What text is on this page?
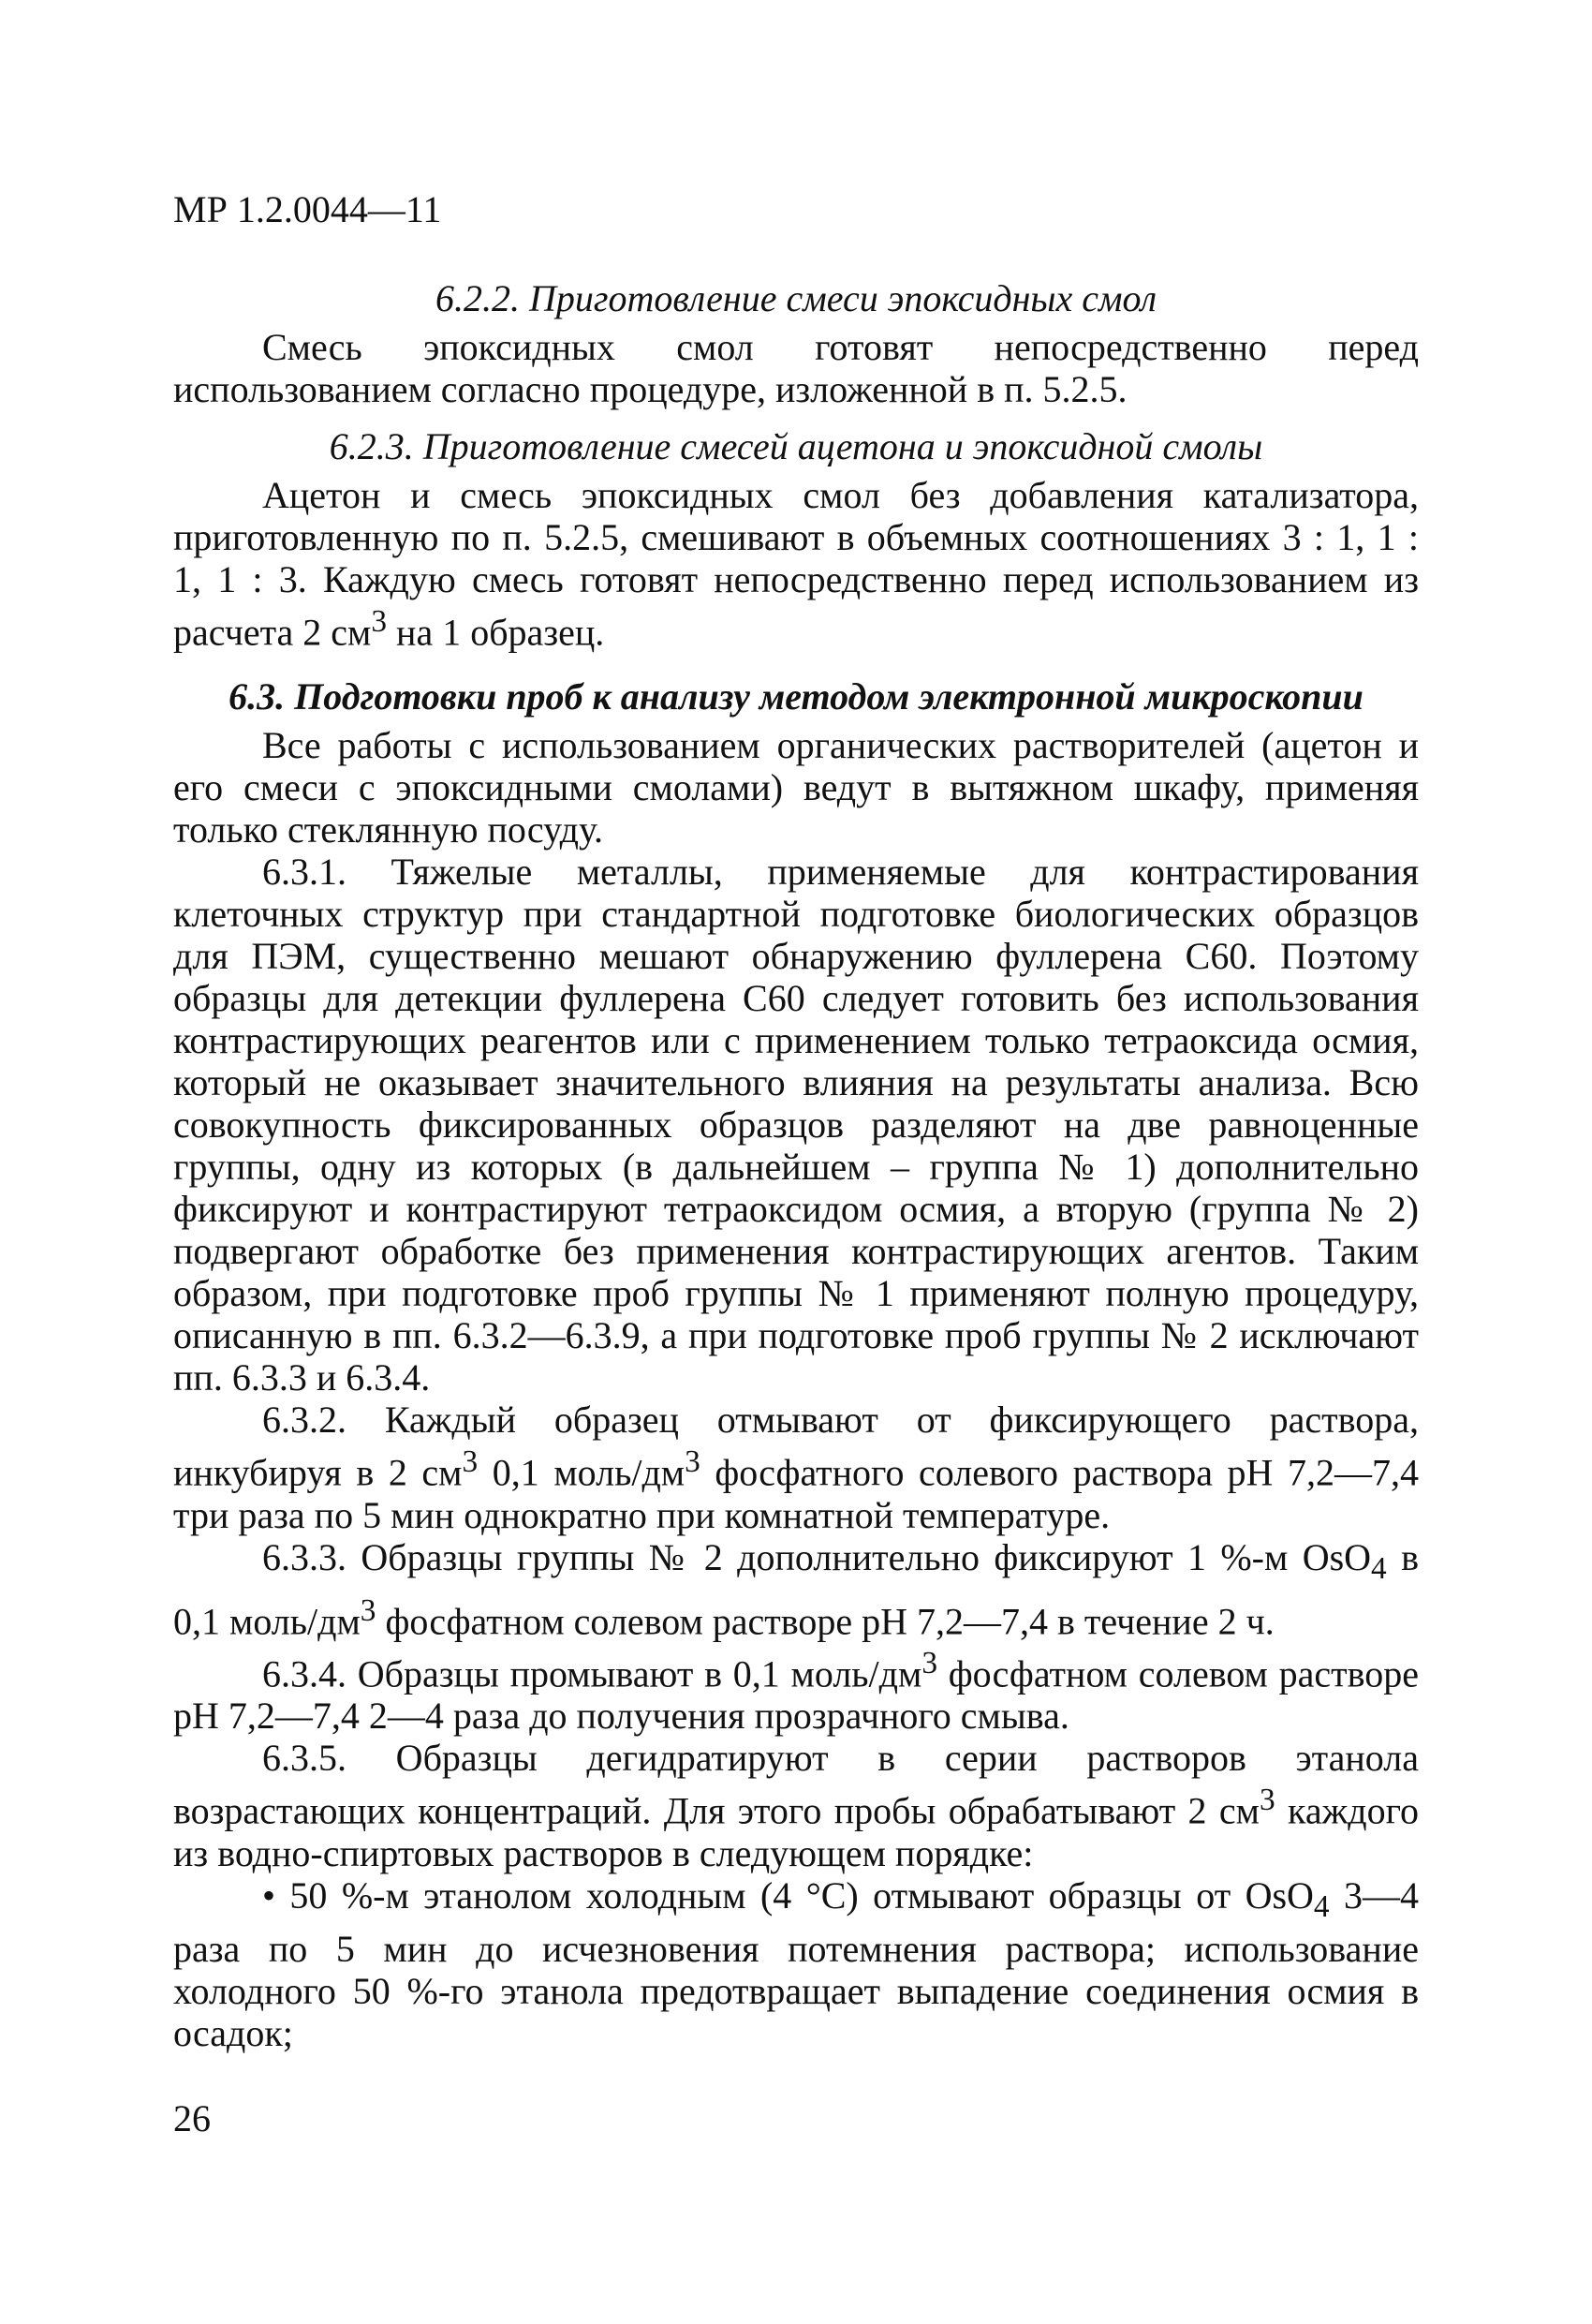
МР 1.2.0044—11
6.2.2. Приготовление смеси эпоксидных смол

Смесь эпоксидных смол готовят непосредственно перед использованием согласно процедуре, изложенной в п. 5.2.5.

6.2.3. Приготовление смесей ацетона и эпоксидной смолы

Ацетон и смесь эпоксидных смол без добавления катализатора, приготовленную по п. 5.2.5, смешивают в объемных соотношениях 3 : 1, 1 : 1, 1 : 3. Каждую смесь готовят непосредственно перед использованием из расчета 2 $см^3$ на 1 образец.

6.3. Подготовки проб к анализу методом электронной микроскопии

Все работы с использованием органических растворителей (ацетон и его смеси с эпоксидными смолами) ведут в вытяжном шкафу, применяя только стеклянную посуду.

6.3.1. Тяжелые металлы, применяемые для контрастирования клеточных структур при стандартной подготовке биологических образцов для ПЭМ, существенно мешают обнаружению фуллерена С60. Поэтому образцы для детекции фуллерена С60 следует готовить без использования контрастирующих реагентов или с применением только тетраоксида осмия, который не оказывает значительного влияния на результаты анализа. Всю совокупность фиксированных образцов разделяют на две равноценные группы, одну из которых (в дальнейшем – группа № 1) дополнительно фиксируют и контрастируют тетраоксидом осмия, а вторую (группа № 2) подвергают обработке без применения контрастирующих агентов. Таким образом, при подготовке проб группы № 1 применяют полную процедуру, описанную в пп. 6.3.2—6.3.9, а при подготовке проб группы № 2 исключают пп. 6.3.3 и 6.3.4.

6.3.2. Каждый образец отмывают от фиксирующего раствора, инкубируя в 2 $см^3$ 0,1 моль/$дм^3$ фосфатного солевого раствора рН 7,2—7,4 три раза по 5 мин однократно при комнатной температуре.

6.3.3. Образцы группы № 2 дополнительно фиксируют 1 %-м OsO$_4$ в 0,1 моль/$дм^3$ фосфатном солевом растворе рН 7,2—7,4 в течение 2 ч.

6.3.4. Образцы промывают в 0,1 моль/$дм^3$ фосфатном солевом растворе рН 7,2—7,4 2—4 раза до получения прозрачного смыва.

6.3.5. Образцы дегидратируют в серии растворов этанола возрастающих концентраций. Для этого пробы обрабатывают 2 $см^3$ каждого из водно-спиртовых растворов в следующем порядке:

• 50 %-м этанолом холодным (4 °С) отмывают образцы от OsO$_4$ 3—4 раза по 5 мин до исчезновения потемнения раствора; использование холодного 50 %-го этанола предотвращает выпадение соединения осмия в осадок;

26
